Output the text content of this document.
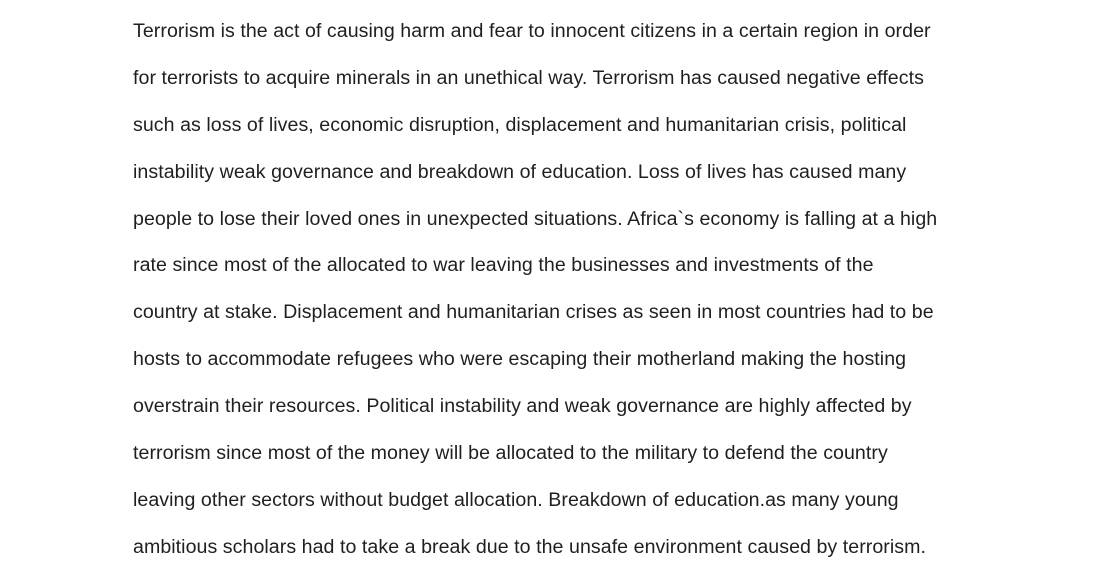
Terrorism is the act of causing harm and fear to innocent citizens in a certain region in order
for terrorists to acquire minerals in an unethical way. Terrorism has caused negative effects
such as loss of lives, economic disruption, displacement and humanitarian crisis, political
instability weak governance and breakdown of education. Loss of lives has caused many
people to lose their loved ones in unexpected situations. Africa`s economy is falling at a high
rate since most of the allocated to war leaving the businesses and investments of the
country at stake. Displacement and humanitarian crises as seen in most countries had to be
hosts to accommodate refugees who were escaping their motherland making the hosting
overstrain their resources. Political instability and weak governance are highly affected by
terrorism since most of the money will be allocated to the military to defend the country
leaving other sectors without budget allocation. Breakdown of education.as many young
ambitious scholars had to take a break due to the unsafe environment caused by terrorism.
